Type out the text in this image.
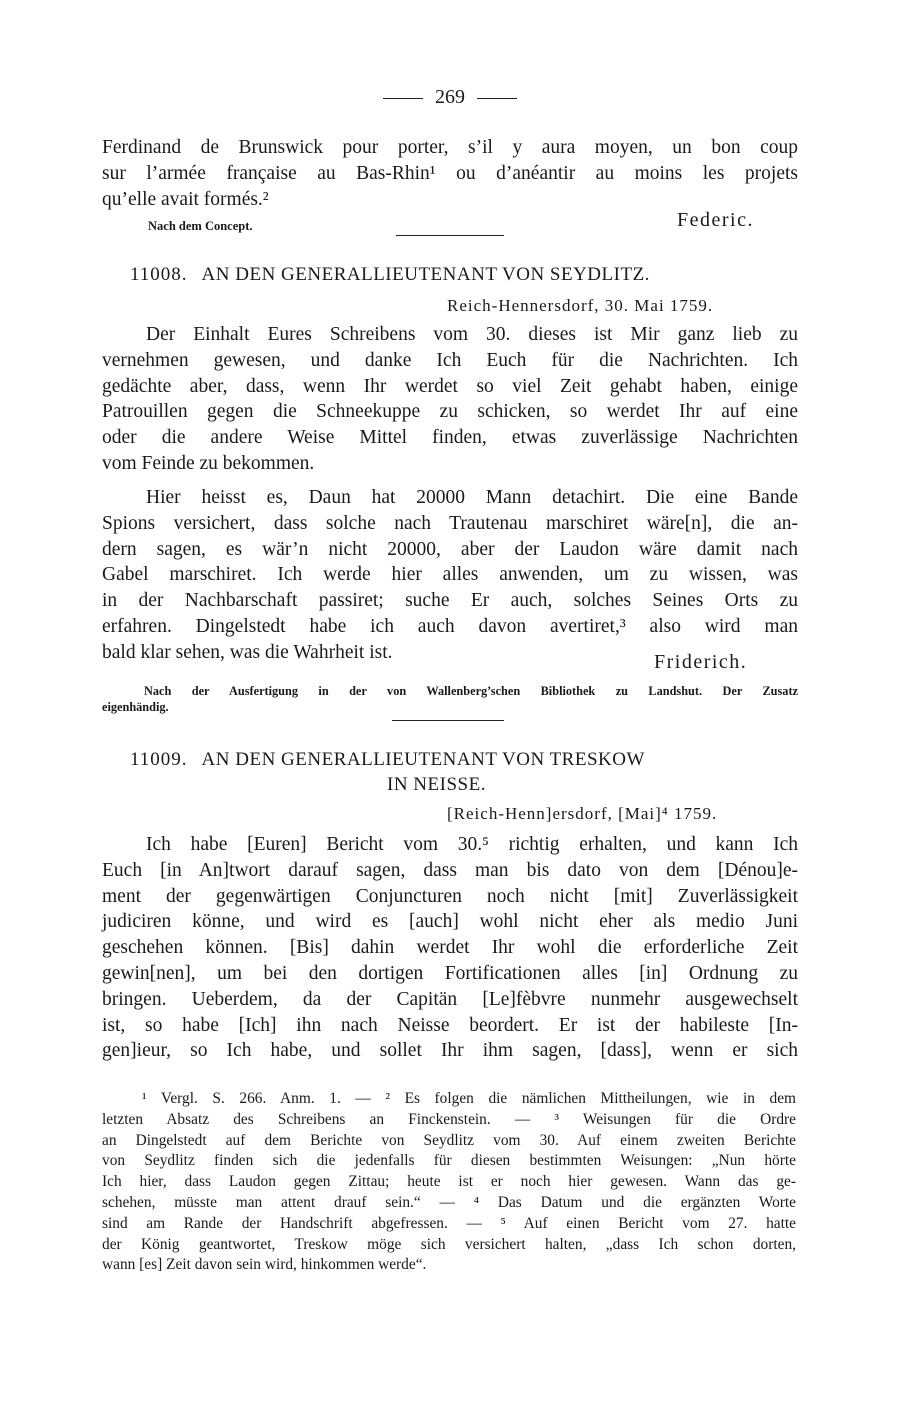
269
Ferdinand de Brunswick pour porter, s’il y aura moyen, un bon coup
sur l’armée française au Bas-Rhin¹ ou d’anéantir au moins les projets
qu’elle avait formés.²
Nach dem Concept.	Federic.
11008. AN DEN GENERALLIEUTENANT VON SEYDLITZ.
Reich-Hennersdorf, 30. Mai 1759.
Der Einhalt Eures Schreibens vom 30. dieses ist Mir ganz lieb zu
vernehmen gewesen, und danke Ich Euch für die Nachrichten. Ich
gedächte aber, dass, wenn Ihr werdet so viel Zeit gehabt haben, einige
Patrouillen gegen die Schneekuppe zu schicken, so werdet Ihr auf eine
oder die andere Weise Mittel finden, etwas zuverlässige Nachrichten
vom Feinde zu bekommen.
Hier heisst es, Daun hat 20000 Mann detachirt. Die eine Bande
Spions versichert, dass solche nach Trautenau marschiret wäre[n], die an-
dern sagen, es wär’n nicht 20000, aber der Laudon wäre damit nach
Gabel marschiret. Ich werde hier alles anwenden, um zu wissen, was
in der Nachbarschaft passiret; suche Er auch, solches Seines Orts zu
erfahren. Dingelstedt habe ich auch davon avertiret,³ also wird man
bald klar sehen, was die Wahrheit ist.	Friderich.
Nach der Ausfertigung in der von Wallenberg’schen Bibliothek zu Landshut. Der Zusatz
eigenhändig.
11009. AN DEN GENERALLIEUTENANT VON TRESKOW
IN NEISSE.
[Reich-Henn]ersdorf, [Mai]⁴ 1759.
Ich habe [Euren] Bericht vom 30.⁵ richtig erhalten, und kann Ich
Euch [in An]twort darauf sagen, dass man bis dato von dem [Dénou]e-
ment der gegenwärtigen Conjuncturen noch nicht [mit] Zuverlässigkeit
judiciren könne, und wird es [auch] wohl nicht eher als medio Juni
geschehen können. [Bis] dahin werdet Ihr wohl die erforderliche Zeit
gewin[nen], um bei den dortigen Fortificationen alles [in] Ordnung zu
bringen. Ueberdem, da der Capitän [Le]fèbvre nunmehr ausgewechselt
ist, so habe [Ich] ihn nach Neisse beordert. Er ist der habileste [In-
gen]ieur, so Ich habe, und sollet Ihr ihm sagen, [dass], wenn er sich
¹ Vergl. S. 266. Anm. 1. — ² Es folgen die nämlichen Mittheilungen, wie in dem
letzten Absatz des Schreibens an Finckenstein. — ³ Weisungen für die Ordre
an Dingelstedt auf dem Berichte von Seydlitz vom 30. Auf einem zweiten Berichte
von Seydlitz finden sich die jedenfalls für diesen bestimmten Weisungen: „Nun hörte
Ich hier, dass Laudon gegen Zittau; heute ist er noch hier gewesen. Wann das ge-
schehen, müsste man attent drauf sein.“ — ⁴ Das Datum und die ergänzten Worte
sind am Rande der Handschrift abgefressen. — ⁵ Auf einen Bericht vom 27. hatte
der König geantwortet, Treskow möge sich versichert halten, „dass Ich schon dorten,
wann [es] Zeit davon sein wird, hinkommen werde“.
